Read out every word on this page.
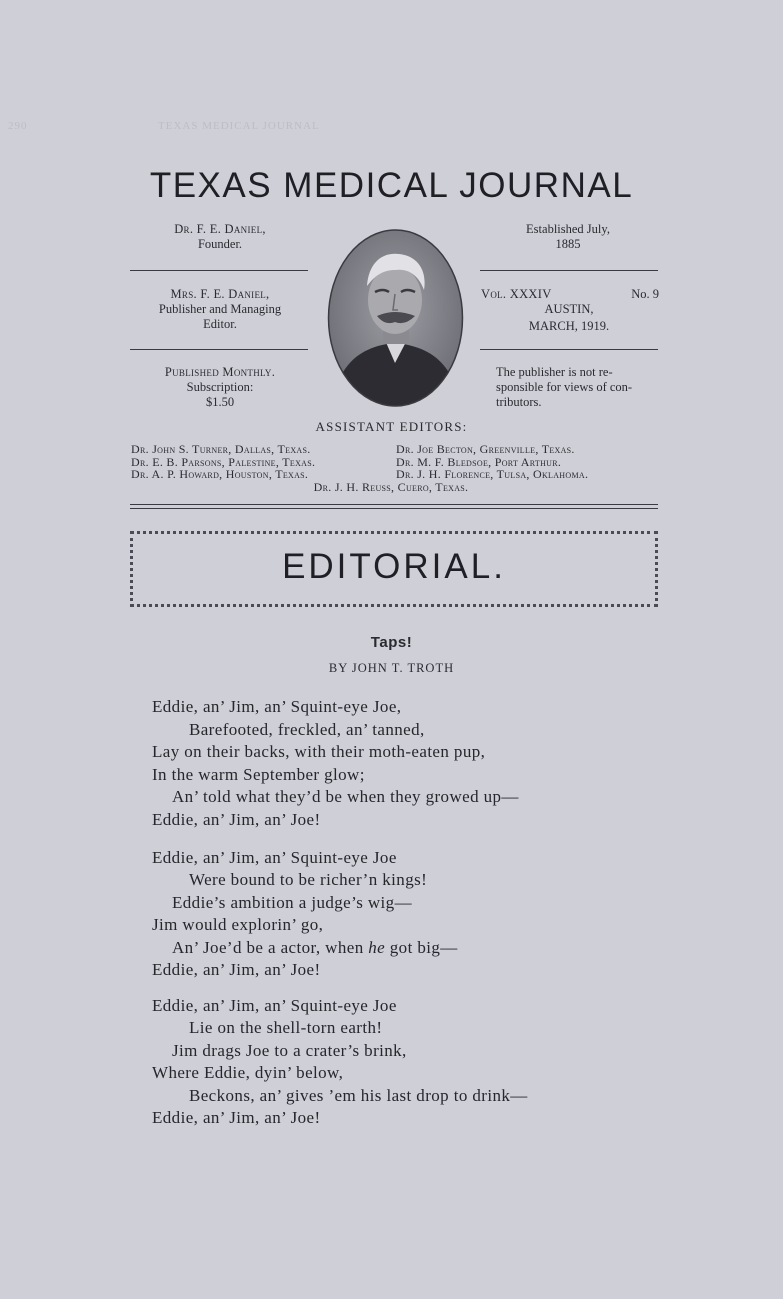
290	TEXAS MEDICAL JOURNAL
TEXAS MEDICAL JOURNAL
Dr. F. E. Daniel,
Founder.
Established July,
1885
Mrs. F. E. Daniel,
Publisher and Managing
Editor.
Vol. XXXIV	No. 9
AUSTIN,
MARCH, 1919.
Published Monthly.
Subscription:
$1.50
The publisher is not re-
sponsible for views of con-
tributors.
ASSISTANT EDITORS:
Dr. John S. Turner, Dallas, Texas.	Dr. Joe Becton, Greenville, Texas.
Dr. E. B. Parsons, Palestine, Texas.	Dr. M. F. Bledsoe, Port Arthur.
Dr. A. P. Howard, Houston, Texas.	Dr. J. H. Florence, Tulsa, Oklahoma.
Dr. J. H. Reuss, Cuero, Texas.
EDITORIAL.
Taps!
BY JOHN T. TROTH
Eddie, an’ Jim, an’ Squint-eye Joe,
Barefooted, freckled, an’ tanned,
Lay on their backs, with their moth-eaten pup,
In the warm September glow;
An’ told what they’d be when they growed up—
Eddie, an’ Jim, an’ Joe!
Eddie, an’ Jim, an’ Squint-eye Joe
Were bound to be richer’n kings!
Eddie’s ambition a judge’s wig—
Jim would explorin’ go,
An’ Joe’d be a actor, when he got big—
Eddie, an’ Jim, an’ Joe!
Eddie, an’ Jim, an’ Squint-eye Joe
Lie on the shell-torn earth!
Jim drags Joe to a crater’s brink,
Where Eddie, dyin’ below,
Beckons, an’ gives ’em his last drop to drink—
Eddie, an’ Jim, an’ Joe!
